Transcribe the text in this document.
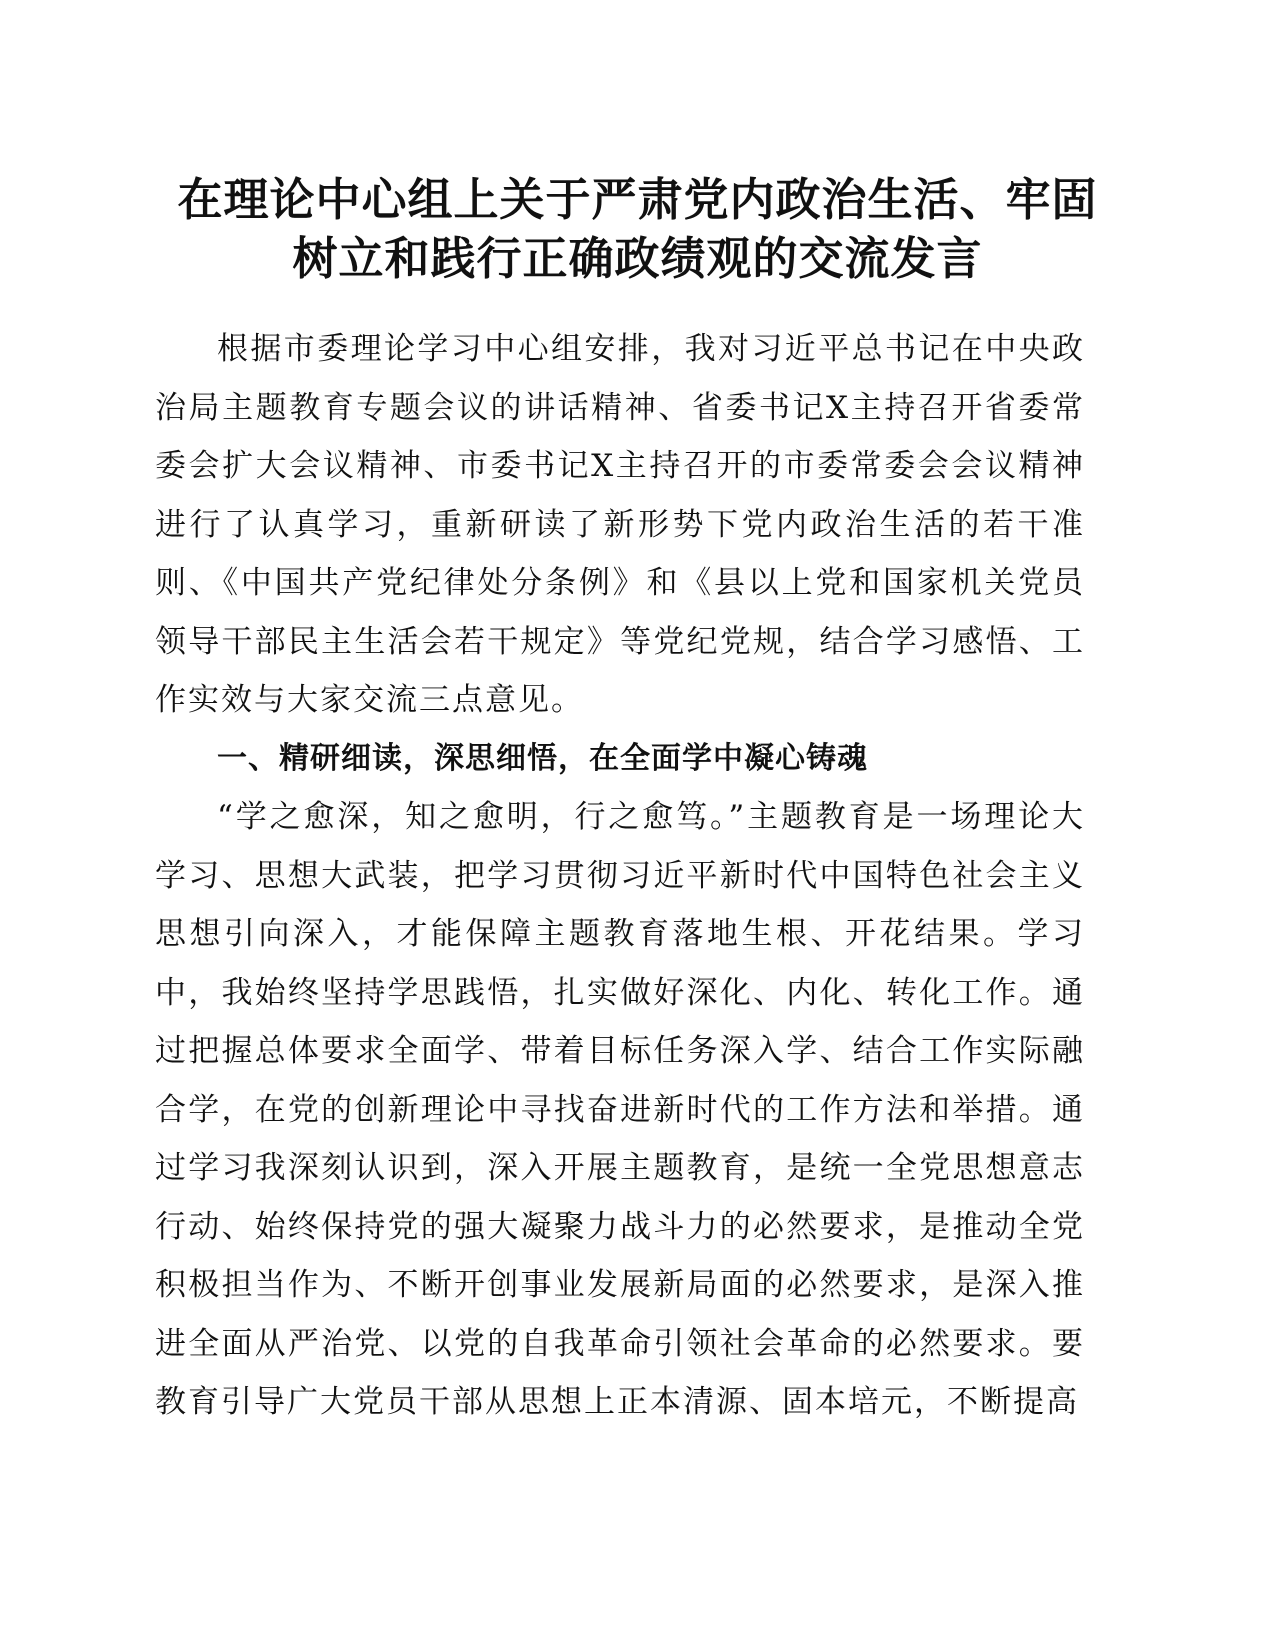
在理论中心组上关于严肃党内政治生活、牢固
树立和践行正确政绩观的交流发言

根据市委理论学习中心组安排，我对习近平总书记在中央政治局主题教育专题会议的讲话精神、省委书记X主持召开省委常委会扩大会议精神、市委书记X主持召开的市委常委会会议精神进行了认真学习，重新研读了新形势下党内政治生活的若干准则、《中国共产党纪律处分条例》和《县以上党和国家机关党员领导干部民主生活会若干规定》等党纪党规，结合学习感悟、工作实效与大家交流三点意见。

一、精研细读，深思细悟，在全面学中凝心铸魂

“学之愈深，知之愈明，行之愈笃。”主题教育是一场理论大学习、思想大武装，把学习贯彻习近平新时代中国特色社会主义思想引向深入，才能保障主题教育落地生根、开花结果。学习中，我始终坚持学思践悟，扎实做好深化、内化、转化工作。通过把握总体要求全面学、带着目标任务深入学、结合工作实际融合学，在党的创新理论中寻找奋进新时代的工作方法和举措。通过学习我深刻认识到，深入开展主题教育，是统一全党思想意志行动、始终保持党的强大凝聚力战斗力的必然要求，是推动全党积极担当作为、不断开创事业发展新局面的必然要求，是深入推进全面从严治党、以党的自我革命引领社会革命的必然要求。要教育引导广大党员干部从思想上正本清源、固本培元，不断提高
